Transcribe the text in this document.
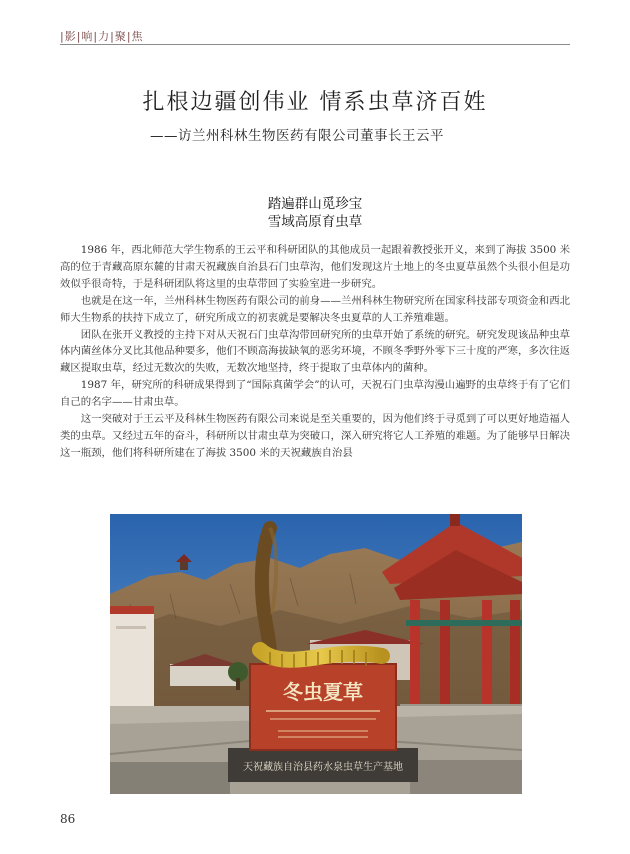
|影|响|力|聚|焦
扎根边疆创伟业 情系虫草济百姓
——访兰州科林生物医药有限公司董事长王云平
踏遍群山觅珍宝
雪域高原育虫草

1986 年，西北师范大学生物系的王云平和科研团队的其他成员一起跟着教授张开义，来到了海拔 3500 米高的位于青藏高原东麓的甘肃天祝藏族自治县石门虫草沟，他们发现这片土地上的冬虫夏草虽然个头很小但是功效似乎很奇特，于是科研团队将这里的虫草带回了实验室进一步研究。

也就是在这一年，兰州科林生物医药有限公司的前身——兰州科林生物研究所在国家科技部专项资金和西北师大生物系的扶持下成立了，研究所成立的初衷就是要解决冬虫夏草的人工养殖难题。

团队在张开义教授的主持下对从天祝石门虫草沟带回研究所的虫草开始了系统的研究。研究发现该品种虫草体内菌丝体分叉比其他品种要多，他们不顾高海拔缺氧的恶劣环境，不顾冬季野外零下三十度的严寒，多次往返藏区提取虫草，经过无数次的失败，无数次地坚持，终于提取了虫草体内的菌种。

1987 年，研究所的科研成果得到了“国际真菌学会”的认可，天祝石门虫草沟漫山遍野的虫草终于有了它们自己的名字——甘肃虫草。

这一突破对于王云平及科林生物医药有限公司来说是至关重要的，因为他们终于寻觅到了可以更好地造福人类的虫草。又经过五年的奋斗，科研所以甘肃虫草为突破口，深入研究将它人工养殖的难题。为了能够早日解决这一瓶颈，他们将科研所建在了海拔 3500 米的天祝藏族自治县

天祝藏族自治县药水泉虫草生产基地
冬虫夏草
86
